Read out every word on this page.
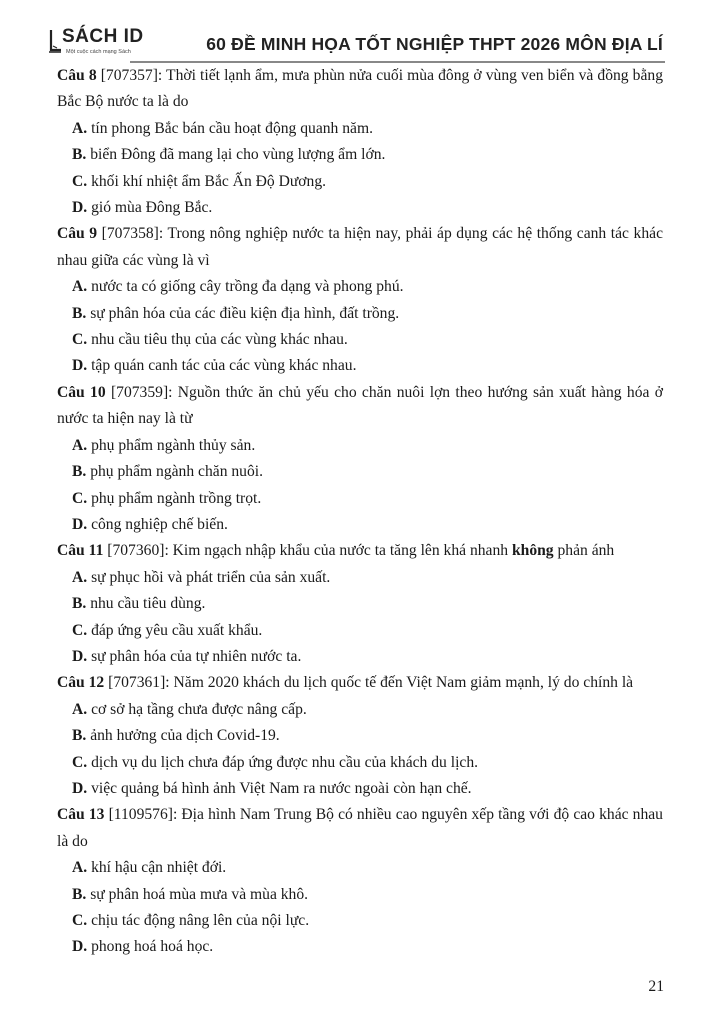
SÁCH ID
Một cuộc cách mạng Sách	60 ĐỀ MINH HỌA TỐT NGHIỆP THPT 2026 MÔN ĐỊA LÍ
Câu 8 [707357]: Thời tiết lạnh ẩm, mưa phùn nửa cuối mùa đông ở vùng ven biển và đồng bằng Bắc Bộ nước ta là do
A. tín phong Bắc bán cầu hoạt động quanh năm.
B. biển Đông đã mang lại cho vùng lượng ẩm lớn.
C. khối khí nhiệt ẩm Bắc Ấn Độ Dương.
D. gió mùa Đông Bắc.
Câu 9 [707358]: Trong nông nghiệp nước ta hiện nay, phải áp dụng các hệ thống canh tác khác nhau giữa các vùng là vì
A. nước ta có giống cây trồng đa dạng và phong phú.
B. sự phân hóa của các điều kiện địa hình, đất trồng.
C. nhu cầu tiêu thụ của các vùng khác nhau.
D. tập quán canh tác của các vùng khác nhau.
Câu 10 [707359]: Nguồn thức ăn chủ yếu cho chăn nuôi lợn theo hướng sản xuất hàng hóa ở nước ta hiện nay là từ
A. phụ phẩm ngành thủy sản.
B. phụ phẩm ngành chăn nuôi.
C. phụ phẩm ngành trồng trọt.
D. công nghiệp chế biến.
Câu 11 [707360]: Kim ngạch nhập khẩu của nước ta tăng lên khá nhanh không phản ánh
A. sự phục hồi và phát triển của sản xuất.
B. nhu cầu tiêu dùng.
C. đáp ứng yêu cầu xuất khẩu.
D. sự phân hóa của tự nhiên nước ta.
Câu 12 [707361]: Năm 2020 khách du lịch quốc tế đến Việt Nam giảm mạnh, lý do chính là
A. cơ sở hạ tầng chưa được nâng cấp.
B. ảnh hưởng của dịch Covid-19.
C. dịch vụ du lịch chưa đáp ứng được nhu cầu của khách du lịch.
D. việc quảng bá hình ảnh Việt Nam ra nước ngoài còn hạn chế.
Câu 13 [1109576]: Địa hình Nam Trung Bộ có nhiều cao nguyên xếp tầng với độ cao khác nhau là do
A. khí hậu cận nhiệt đới.
B. sự phân hoá mùa mưa và mùa khô.
C. chịu tác động nâng lên của nội lực.
D. phong hoá hoá học.
21
